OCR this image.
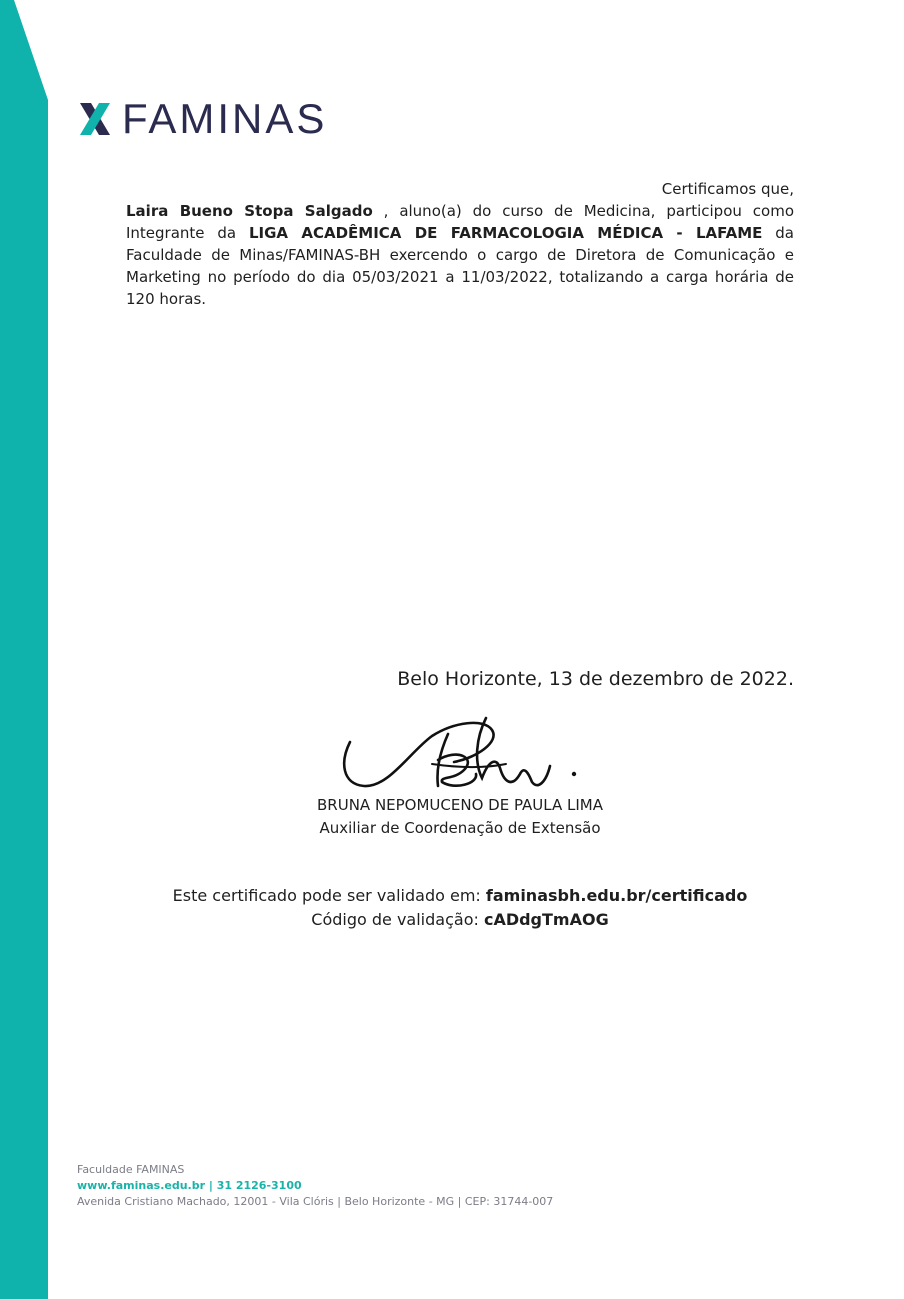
FAMINAS
Certificamos que,
Laira Bueno Stopa Salgado , aluno(a) do curso de Medicina, participou como Integrante da LIGA ACADÊMICA DE FARMACOLOGIA MÉDICA - LAFAME da Faculdade de Minas/FAMINAS-BH exercendo o cargo de Diretora de Comunicação e Marketing no período do dia 05/03/2021 a 11/03/2022, totalizando a carga horária de 120 horas.
Belo Horizonte, 13 de dezembro de 2022.
BRUNA NEPOMUCENO DE PAULA LIMA
Auxiliar de Coordenação de Extensão
Este certificado pode ser validado em: faminasbh.edu.br/certificado
Código de validação: cADdgTmAOG
Faculdade FAMINAS
www.faminas.edu.br | 31 2126-3100
Avenida Cristiano Machado, 12001 - Vila Clóris | Belo Horizonte - MG | CEP: 31744-007
